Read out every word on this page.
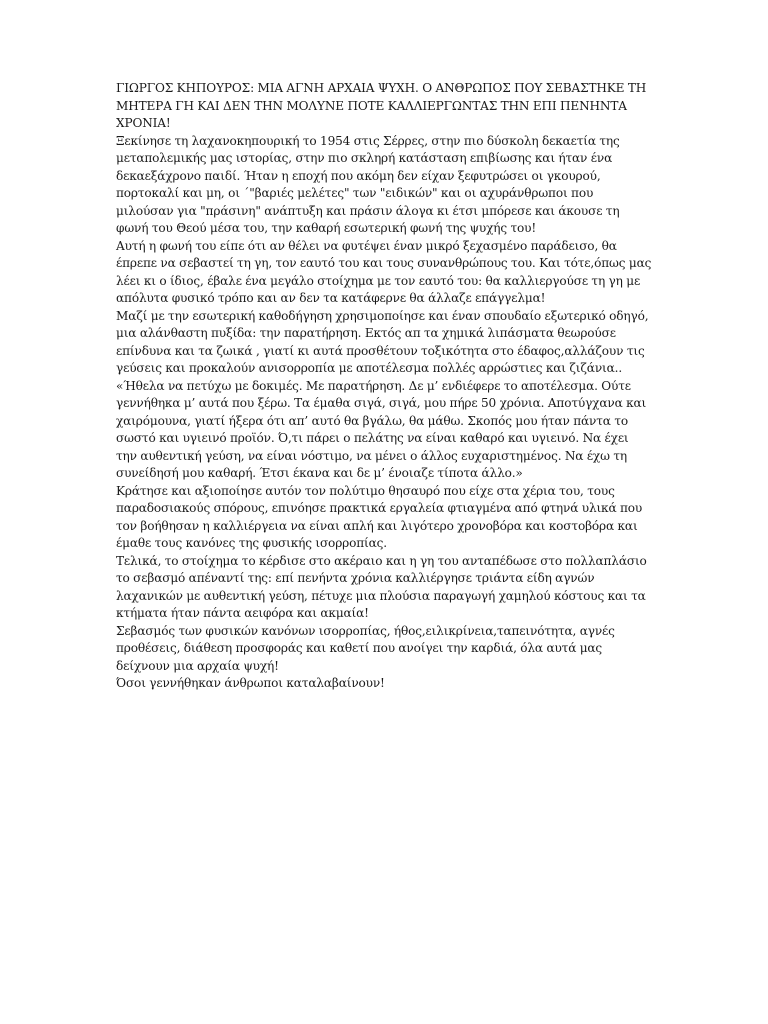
ΓΙΩΡΓΟΣ ΚΗΠΟΥΡΟΣ: ΜΙΑ ΑΓΝΗ ΑΡΧΑΙΑ ΨΥΧΗ. Ο ΑΝΘΡΩΠΟΣ ΠΟΥ ΣΕΒΑΣΤΗΚΕ ΤΗ ΜΗΤΕΡΑ ΓΗ ΚΑΙ ΔΕΝ ΤΗΝ ΜΟΛΥΝΕ ΠΟΤΕ ΚΑΛΛΙΕΡΓΩΝΤΑΣ ΤΗΝ ΕΠΙ ΠΕΝΗΝΤΑ ΧΡΟΝΙΑ!

Ξεκίνησε τη λαχανοκηπουρική το 1954 στις Σέρρες, στην πιο δύσκολη δεκαετία της μεταπολεμικής μας ιστορίας, στην πιο σκληρή κατάσταση επιβίωσης και ήταν ένα δεκαεξάχρονο παιδί. Ήταν η εποχή που ακόμη δεν είχαν ξεφυτρώσει οι γκουρού, πορτοκαλί και μη, οι ΄"βαριές μελέτες" των "ειδικών" και οι αχυράνθρωποι που μιλούσαν για "πράσινη" ανάπτυξη και πράσιν άλογα κι έτσι μπόρεσε και άκουσε τη φωνή του Θεού μέσα του, την καθαρή εσωτερική φωνή της ψυχής του!

Αυτή η φωνή του είπε ότι αν θέλει να φυτέψει έναν μικρό ξεχασμένο παράδεισο, θα έπρεπε να σεβαστεί τη γη, τον εαυτό του και τους συνανθρώπους του. Και τότε,όπως μας λέει κι ο ίδιος, έβαλε ένα μεγάλο στοίχημα με τον εαυτό του: θα καλλιεργούσε τη γη με απόλυτα φυσικό τρόπο και αν δεν τα κατάφερνε θα άλλαζε επάγγελμα!

Μαζί με την εσωτερική καθοδήγηση χρησιμοποίησε και έναν σπουδαίο εξωτερικό οδηγό, μια αλάνθαστη πυξίδα: την παρατήρηση. Εκτός απ τα χημικά λιπάσματα θεωρούσε επίνδυνα και τα ζωικά , γιατί κι αυτά προσθέτουν τοξικότητα στο έδαφος,αλλάζουν τις γεύσεις και προκαλούν ανισορροπία με αποτέλεσμα πολλές αρρώστιες και ζιζάνια.. «Ήθελα να πετύχω με δοκιμές. Με παρατήρηση. Δε μ’ ενδιέφερε το αποτέλεσμα. Ούτε γεννήθηκα μ’ αυτά που ξέρω. Τα έμαθα σιγά, σιγά, μου πήρε 50 χρόνια. Αποτύγχανα και χαιρόμουνα, γιατί ήξερα ότι απ’ αυτό θα βγάλω, θα μάθω. Σκοπός μου ήταν πάντα το σωστό και υγιεινό προϊόν. Ό,τι πάρει ο πελάτης να είναι καθαρό και υγιεινό. Να έχει την αυθεντική γεύση, να είναι νόστιμο, να μένει ο άλλος ευχαριστημένος. Να έχω τη συνείδησή μου καθαρή. Έτσι έκανα και δε μ’ ένοιαζε τίποτα άλλο.»

Κράτησε και αξιοποίησε αυτόν τον πολύτιμο θησαυρό που είχε στα χέρια του, τους παραδοσιακούς σπόρους, επινόησε πρακτικά εργαλεία φτιαγμένα από φτηνά υλικά που τον βοήθησαν η καλλιέργεια να είναι απλή και λιγότερο χρονοβόρα και κοστοβόρα και έμαθε τους κανόνες της φυσικής ισορροπίας.

Τελικά, το στοίχημα το κέρδισε στο ακέραιο και η γη του ανταπέδωσε στο πολλαπλάσιο το σεβασμό απέναντί της: επί πενήντα χρόνια καλλιέργησε τριάντα είδη αγνών λαχανικών με αυθεντική γεύση, πέτυχε μια πλούσια παραγωγή χαμηλού κόστους και τα κτήματα ήταν πάντα αειφόρα και ακμαία!

Σεβασμός των φυσικών κανόνων ισορροπίας, ήθος,ειλικρίνεια,ταπεινότητα, αγνές προθέσεις, διάθεση προσφοράς και καθετί που ανοίγει την καρδιά, όλα αυτά μας δείχνουν μια αρχαία ψυχή!

Όσοι γεννήθηκαν άνθρωποι καταλαβαίνουν!
